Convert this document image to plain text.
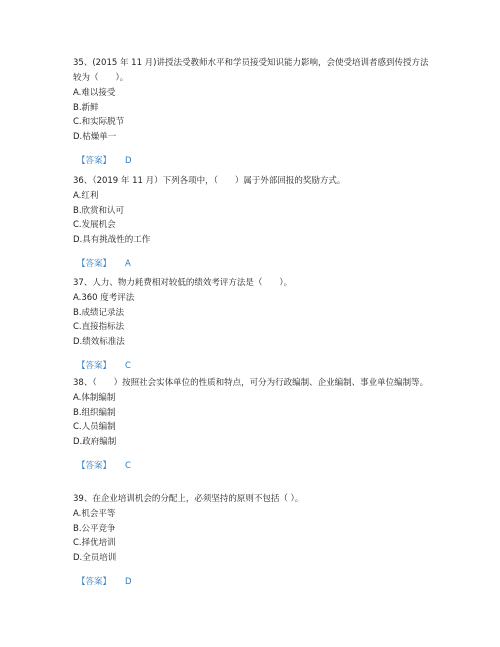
35、(2015 年 11 月)讲授法受教师水平和学员接受知识能力影响，会使受培训者感到传授方法较为（　　）。

A.难以接受

B.新鲜

C.和实际脱节

D.枯燥单一

【答案】 D

36、（2019 年 11 月）下列各项中，（　　）属于外部回报的奖励方式。

A.红利

B.欣赏和认可

C.发展机会

D.具有挑战性的工作

【答案】 A

37、人力、物力耗费相对较低的绩效考评方法是（　　）。

A.360 度考评法

B.成绩记录法

C.直接指标法

D.绩效标准法

【答案】 C

38、（　　）按照社会实体单位的性质和特点，可分为行政编制、企业编制、事业单位编制等。

A.体制编制

B.组织编制

C.人员编制

D.政府编制

【答案】 C

39、在企业培训机会的分配上，必须坚持的原则不包括（ ）。

A.机会平等

B.公平竞争

C.择优培训

D.全员培训

【答案】 D
